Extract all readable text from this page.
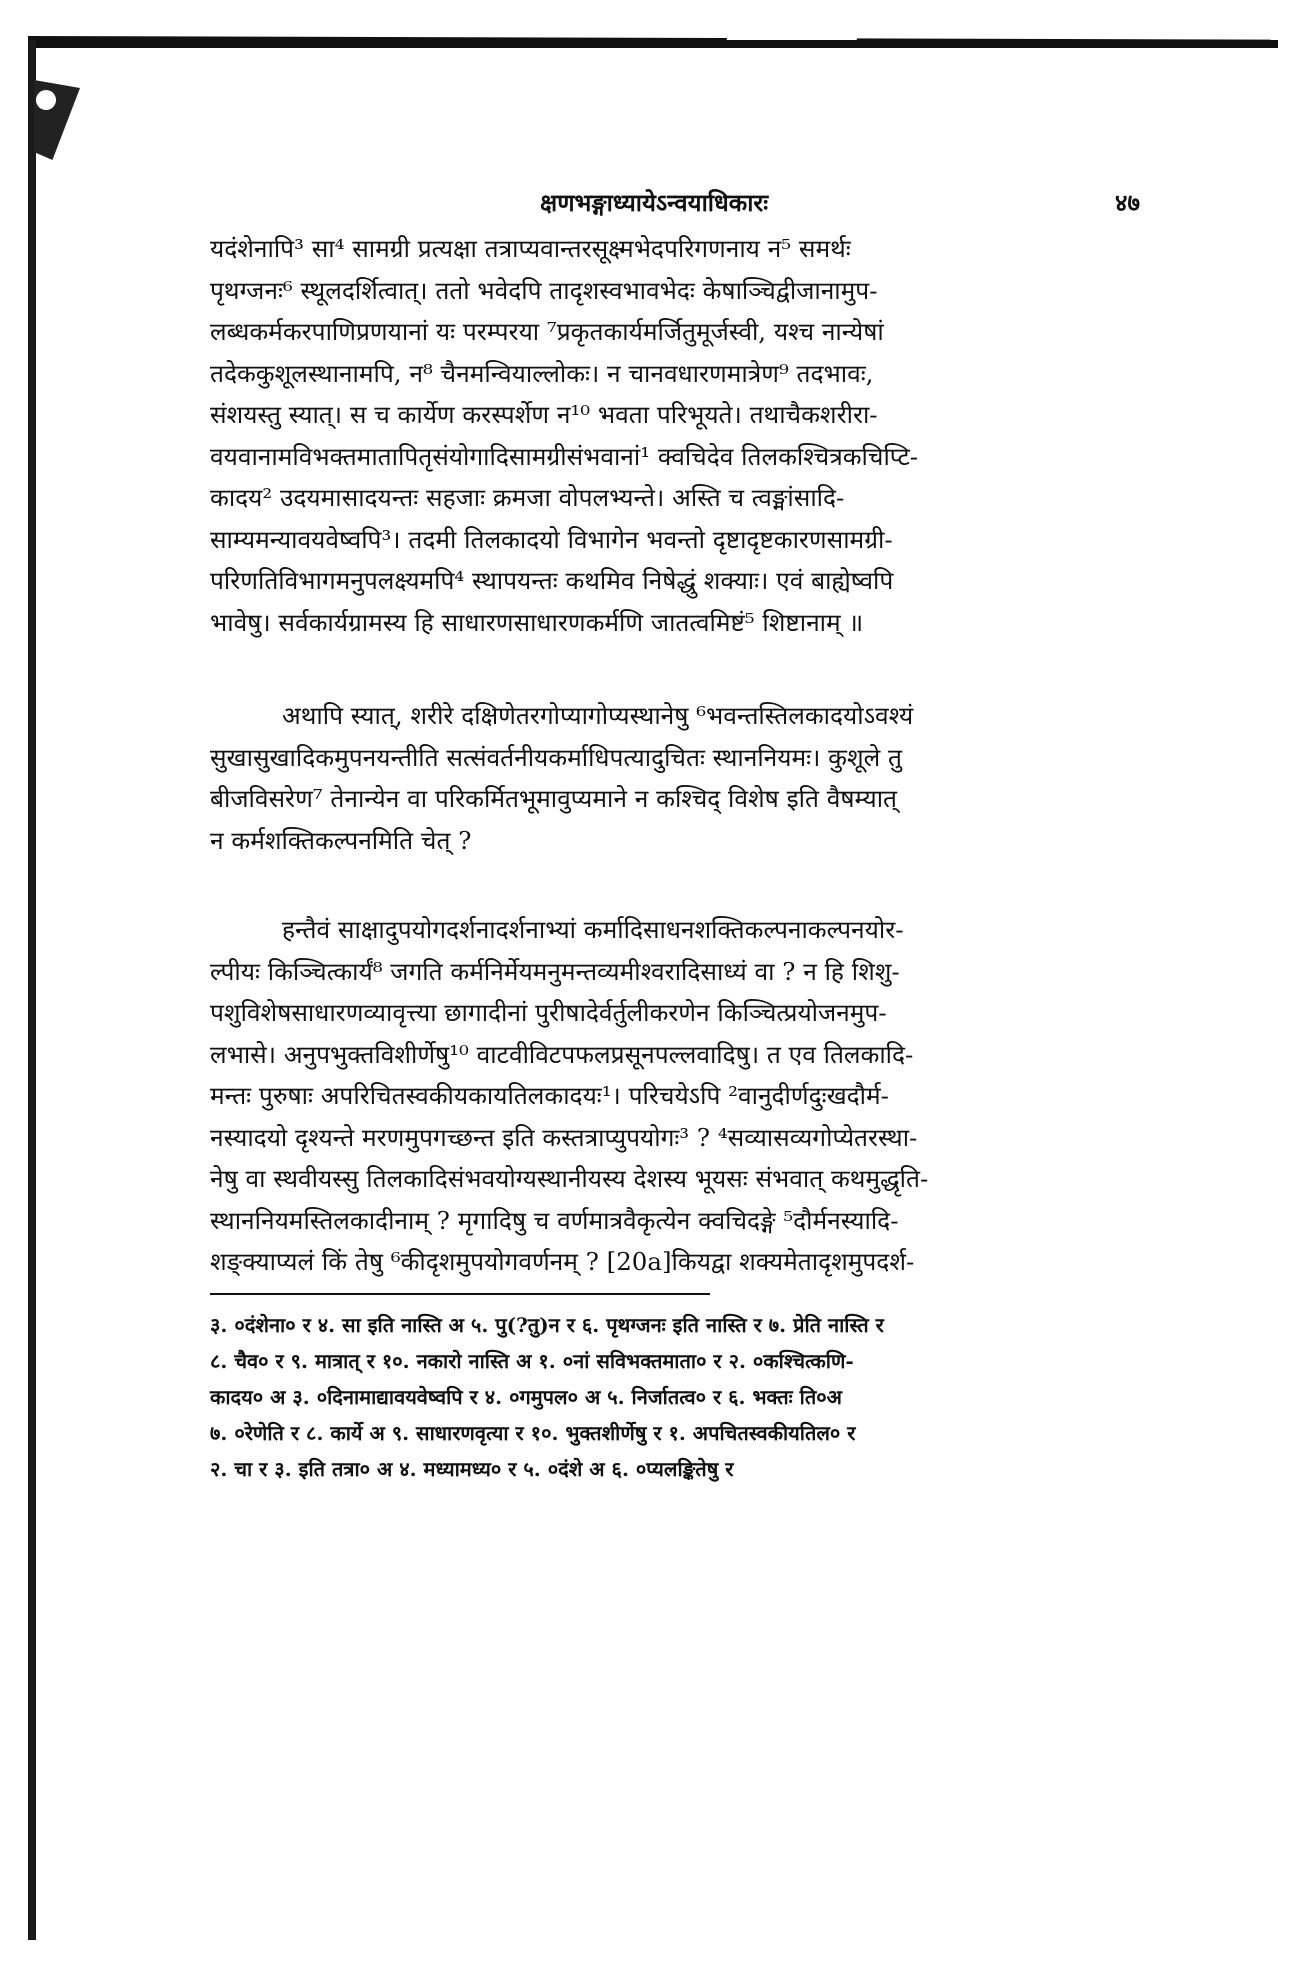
क्षणभङ्गाध्यायेऽन्वयाधिकारः	४७

यदंशेनापि³ सा⁴ सामग्री प्रत्यक्षा तत्राप्यवान्तरसूक्ष्मभेदपरिगणनाय न⁵ समर्थः
पृथग्जनः⁶ स्थूलदर्शित्वात्। ततो भवेदपि तादृशस्वभावभेदः केषाञ्चिद्वीजानामुप-
लब्धकर्मकरपाणिप्रणयानां यः परम्परया ⁷प्रकृतकार्यमर्जितुमूर्जस्वी, यश्च नान्येषां
तदेककुशूलस्थानामपि, न⁸ चैनमन्वियाल्लोकः। न चानवधारणमात्रेण⁹ तदभावः,
संशयस्तु स्यात्। स च कार्येण करस्पर्शेण न¹⁰ भवता परिभूयते। तथाचैकशरीरा-
वयवानामविभक्तमातापितृसंयोगादिसामग्रीसंभवानां¹ क्वचिदेव तिलकश्चित्रकचिप्टि-
कादय² उदयमासादयन्तः सहजाः क्रमजा वोपलभ्यन्ते। अस्ति च त्वङ्मांसादि-
साम्यमन्यावयवेष्वपि³। तदमी तिलकादयो विभागेन भवन्तो दृष्टादृष्टकारणसामग्री-
परिणतिविभागमनुपलक्ष्यमपि⁴ स्थापयन्तः कथमिव निषेद्धुं शक्याः। एवं बाह्येष्वपि
भावेषु। सर्वकार्यग्रामस्य हि साधारणसाधारणकर्मणि जातत्वमिष्टं⁵ शिष्टानाम् ॥

अथापि स्यात्, शरीरे दक्षिणेतरगोप्यागोप्यस्थानेषु ⁶भवन्तस्तिलकादयोऽवश्यं
सुखासुखादिकमुपनयन्तीति सत्संवर्तनीयकर्माधिपत्यादुचितः स्थाननियमः। कुशूले तु
बीजविसरेण⁷ तेनान्येन वा परिकर्मितभूमावुप्यमाने न कश्चिद् विशेष इति वैषम्यात्
न कर्मशक्तिकल्पनमिति चेत् ?

हन्तैवं साक्षादुपयोगदर्शनादर्शनाभ्यां कर्मादिसाधनशक्तिकल्पनाकल्पनयोर-
ल्पीयः किञ्चित्कार्यं⁸ जगति कर्मनिर्मेयमनुमन्तव्यमीश्वरादिसाध्यं वा ? न हि शिशु-
पशुविशेषसाधारणव्यावृत्त्या छागादीनां पुरीषादेर्वर्तुलीकरणेन किञ्चित्प्रयोजनमुप-
लभासे। अनुपभुक्तविशीर्णेषु¹⁰ वाटवीविटपफलप्रसूनपल्लवादिषु। त एव तिलकादि-
मन्तः पुरुषाः अपरिचितस्वकीयकायतिलकादयः¹। परिचयेऽपि ²वानुदीर्णदुःखदौर्म-
नस्यादयो दृश्यन्ते मरणमुपगच्छन्त इति कस्तत्राप्युपयोगः³ ? ⁴सव्यासव्यगोप्येतरस्था-
नेषु वा स्थवीयस्सु तिलकादिसंभवयोग्यस्थानीयस्य देशस्य भूयसः संभवात् कथमुद्धृति-
स्थाननियमस्तिलकादीनाम् ? मृगादिषु च वर्णमात्रवैकृत्येन क्वचिदङ्गे ⁵दौर्मनस्यादि-
शङ्क्याप्यलं किं तेषु ⁶कीदृशमुपयोगवर्णनम् ? [20a]कियद्वा शक्यमेतादृशमुपदर्श-

३. ०दंशेना० र ४. सा इति नास्ति अ ५. पु(?तु)न र ६. पृथग्जनः इति नास्ति र ७. प्रेति नास्ति र
८. चैव० र ९. मात्रात् र १०. नकारो नास्ति अ १. ०नां सविभक्तमाता० र २. ०कश्चित्कणि-
कादय० अ ३. ०दिनामाद्यावयवेष्वपि र ४. ०गमुपल० अ ५. निर्जातत्व० र ६. भक्तः ति०अ
७. ०रेणेति र ८. कार्ये अ ९. साधारणवृत्या र १०. भुक्तशीर्णेषु र १. अपचितस्वकीयतिल० र
२. चा र ३. इति तत्रा० अ ४. मध्यामध्य० र ५. ०दंशे अ ६. ०प्यलङ्कितेषु र
